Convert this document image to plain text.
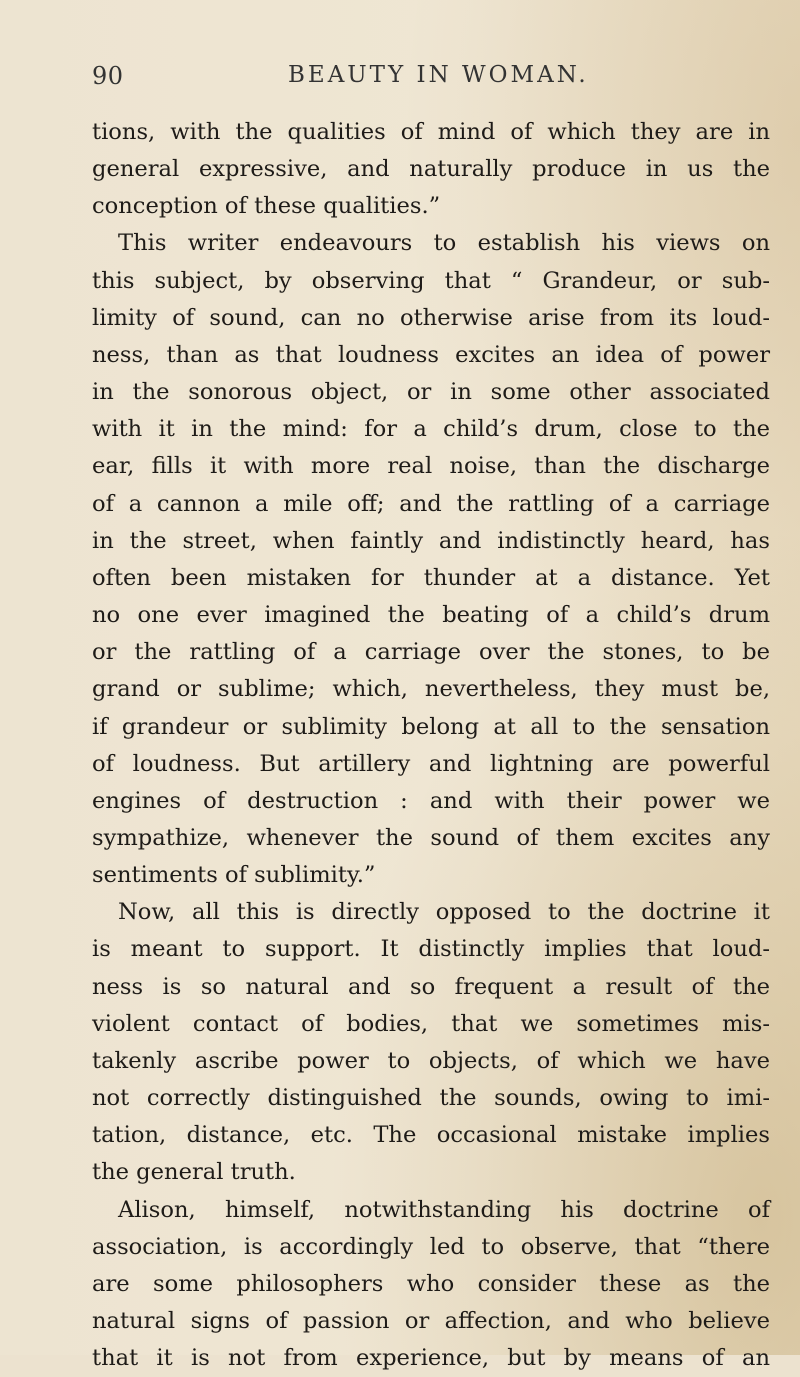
90	BEAUTY IN WOMAN.
tions, with the qualities of mind of which they are in
general expressive, and naturally produce in us the
conception of these qualities.”
This writer endeavours to establish his views on
this subject, by observing that “ Grandeur, or sub-
limity of sound, can no otherwise arise from its loud-
ness, than as that loudness excites an idea of power
in the sonorous object, or in some other associated
with it in the mind: for a child’s drum, close to the
ear, fills it with more real noise, than the discharge
of a cannon a mile off; and the rattling of a carriage
in the street, when faintly and indistinctly heard, has
often been mistaken for thunder at a distance. Yet
no one ever imagined the beating of a child’s drum
or the rattling of a carriage over the stones, to be
grand or sublime; which, nevertheless, they must be,
if grandeur or sublimity belong at all to the sensation
of loudness. But artillery and lightning are powerful
engines of destruction : and with their power we
sympathize, whenever the sound of them excites any
sentiments of sublimity.”
Now, all this is directly opposed to the doctrine it
is meant to support. It distinctly implies that loud-
ness is so natural and so frequent a result of the
violent contact of bodies, that we sometimes mis-
takenly ascribe power to objects, of which we have
not correctly distinguished the sounds, owing to imi-
tation, distance, etc. The occasional mistake implies
the general truth.
Alison, himself, notwithstanding his doctrine of
association, is accordingly led to observe, that “there
are some philosophers who consider these as the
natural signs of passion or affection, and who believe
that it is not from experience, but by means of an
